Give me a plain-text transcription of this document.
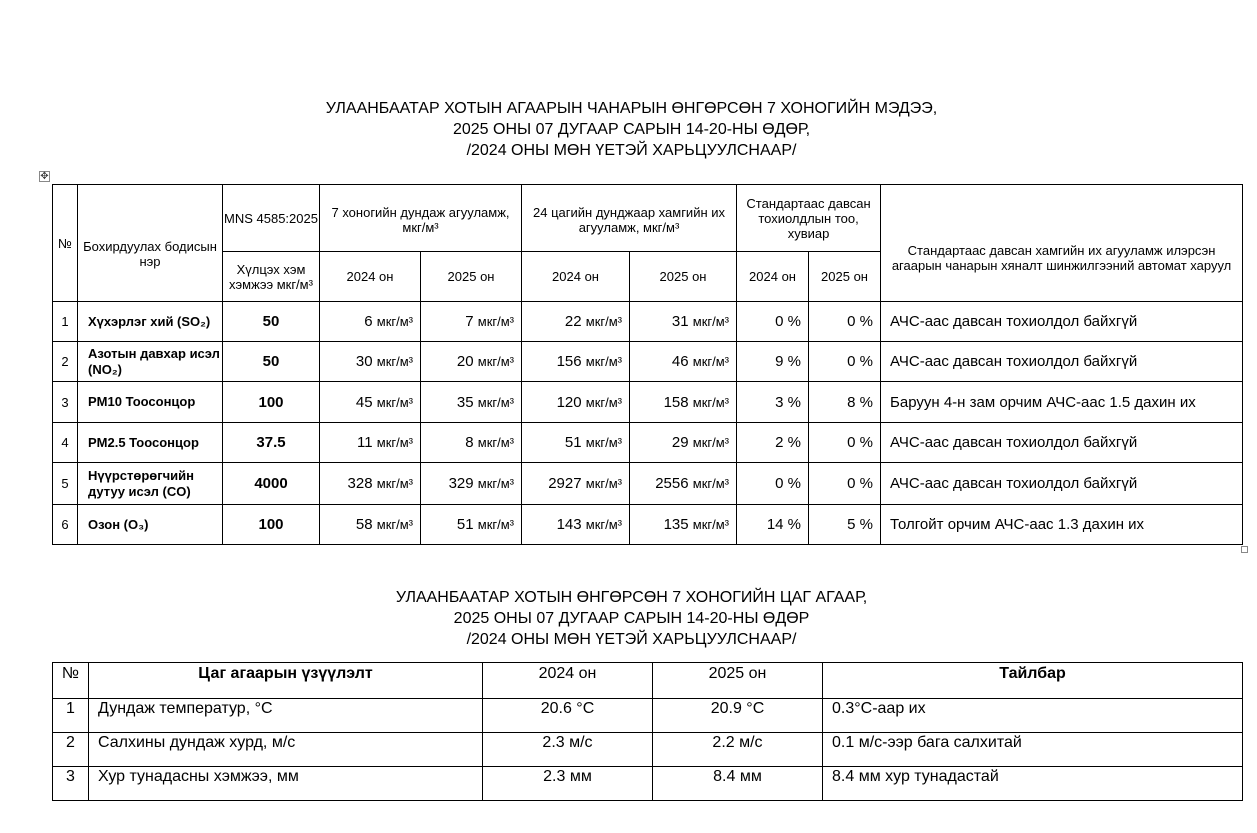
УЛААНБААТАР ХОТЫН АГААРЫН ЧАНАРЫН ӨНГӨРСӨН 7 ХОНОГИЙН МЭДЭЭ,
2025 ОНЫ 07 ДУГААР САРЫН 14-20-НЫ ӨДӨР,
/2024 ОНЫ МӨН ҮЕТЭЙ ХАРЬЦУУЛСНААР/
✥
№	Бохирдуулах бодисын нэр	MNS 4585:2025	7 хоногийн дундаж агууламж, мкг/м³		24 цагийн дунджаар хамгийн их агууламж, мкг/м³		Стандартаас давсан тохиолдлын тоо, хувиар		Стандартаас давсан хамгийн их агууламж илэрсэн агаарын чанарын хяналт шинжилгээний автомат харуул
		Хүлцэх хэм хэмжээ мкг/м³	2024 он	2025 он	2024 он	2025 он	2024 он	2025 он	
1	Хүхэрлэг хий (SO₂)	50	6 мкг/м³	7 мкг/м³	22 мкг/м³	31 мкг/м³	0 %	0 %	АЧС-аас давсан тохиолдол байхгүй
2	Азотын давхар исэл (NO₂)	50	30 мкг/м³	20 мкг/м³	156 мкг/м³	46 мкг/м³	9 %	0 %	АЧС-аас давсан тохиолдол байхгүй
3	PM10 Тоосонцор	100	45 мкг/м³	35 мкг/м³	120 мкг/м³	158 мкг/м³	3 %	8 %	Баруун 4-н зам орчим АЧС-аас 1.5 дахин их
4	PM2.5 Тоосонцор	37.5	11 мкг/м³	8 мкг/м³	51 мкг/м³	29 мкг/м³	2 %	0 %	АЧС-аас давсан тохиолдол байхгүй
5	Нүүрстөрөгчийн дутуу исэл (CO)	4000	328 мкг/м³	329 мкг/м³	2927 мкг/м³	2556 мкг/м³	0 %	0 %	АЧС-аас давсан тохиолдол байхгүй
6	Озон (O₃)	100	58 мкг/м³	51 мкг/м³	143 мкг/м³	135 мкг/м³	14 %	5 %	Толгойт орчим АЧС-аас 1.3 дахин их
УЛААНБААТАР ХОТЫН ӨНГӨРСӨН 7 ХОНОГИЙН ЦАГ АГААР,
2025 ОНЫ 07 ДУГААР САРЫН 14-20-НЫ ӨДӨР
/2024 ОНЫ МӨН ҮЕТЭЙ ХАРЬЦУУЛСНААР/
№	Цаг агаарын үзүүлэлт	2024 он	2025 он	Тайлбар
1	Дундаж температур, °С	20.6 °С	20.9 °С	0.3°С-аар их
2	Салхины дундаж хурд, м/с	2.3 м/с	2.2 м/с	0.1 м/с-ээр бага салхитай
3	Хур тунадасны хэмжээ, мм	2.3 мм	8.4 мм	8.4 мм хур тунадастай
